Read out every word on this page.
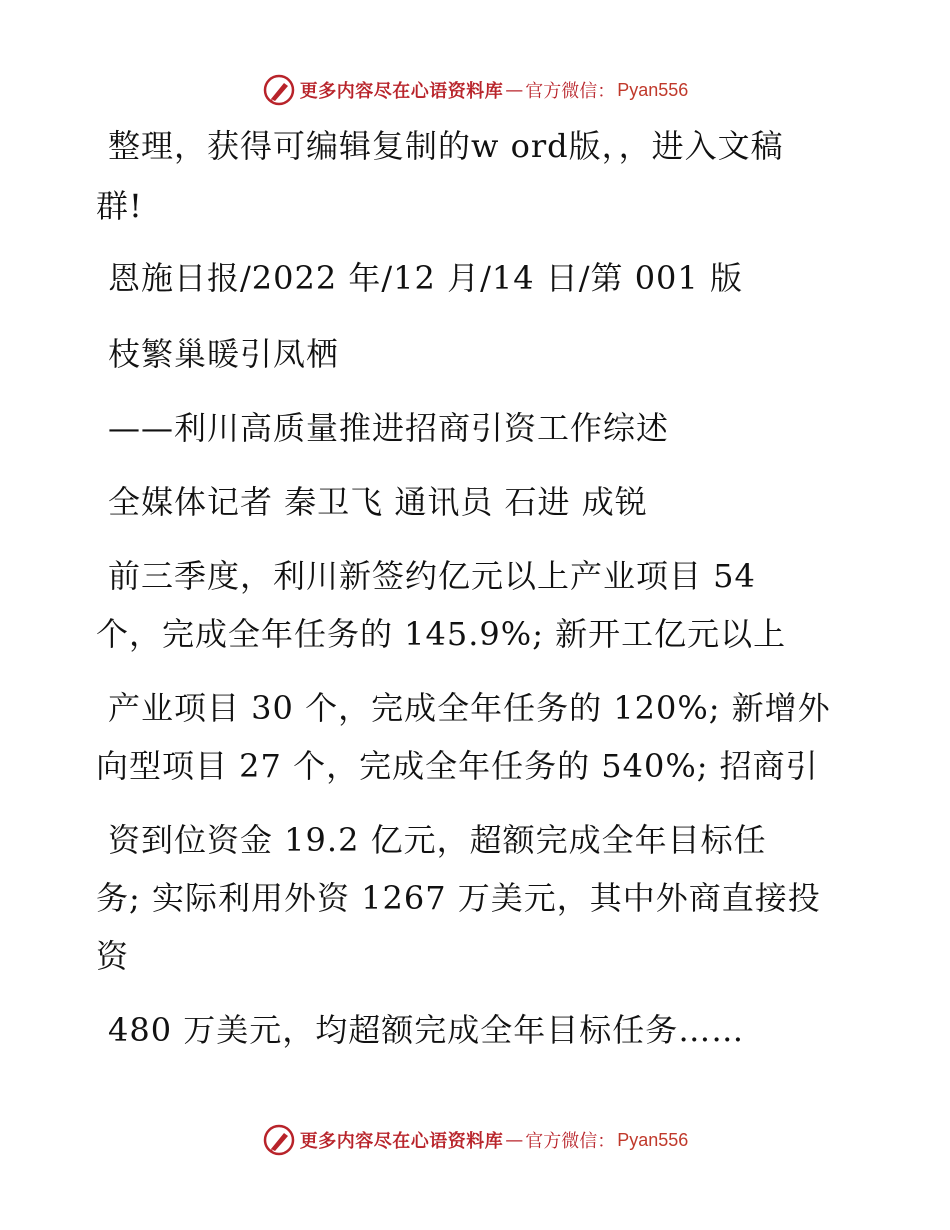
更多内容尽在心语资料库 — 官方微信： Pyan556
整理，获得可编辑复制的w ord版，，进入文稿
群!
恩施日报/2022 年/12 月/14 日/第 001 版
枝繁巢暖引凤栖
——利川高质量推进招商引资工作综述
全媒体记者 秦卫飞 通讯员 石进 成锐
前三季度，利川新签约亿元以上产业项目 54
个，完成全年任务的 145.9%; 新开工亿元以上
产业项目 30 个，完成全年任务的 120%; 新增外
向型项目 27 个，完成全年任务的 540%; 招商引
资到位资金 19.2 亿元，超额完成全年目标任
务; 实际利用外资 1267 万美元，其中外商直接投
资
480 万美元，均超额完成全年目标任务……
更多内容尽在心语资料库 — 官方微信： Pyan556
